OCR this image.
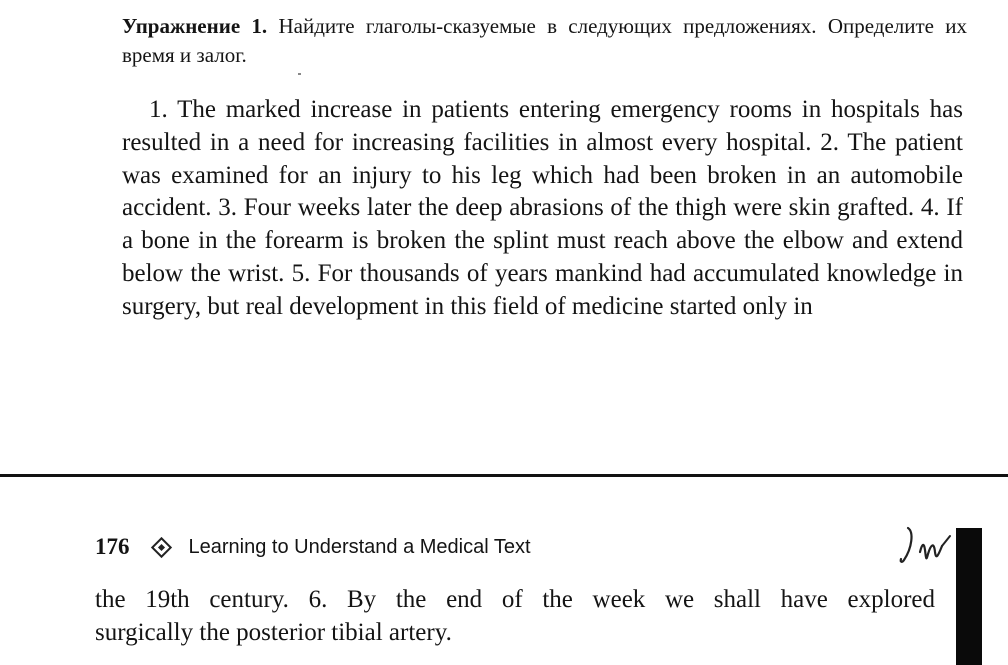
Упражнение 1. Найдите глаголы-сказуемые в следующих предложениях. Определите их время и залог.
1. The marked increase in patients entering emergency rooms in hospitals has resulted in a need for increasing facilities in almost every hospital. 2. The patient was examined for an injury to his leg which had been broken in an automobile accident. 3. Four weeks later the deep abrasions of the thigh were skin grafted. 4. If a bone in the forearm is broken the splint must reach above the elbow and extend below the wrist. 5. For thousands of years mankind had accumulated knowledge in surgery, but real development in this field of medicine started only in
176	Learning to Understand a Medical Text
the 19th century. 6. By the end of the week we shall have explored
surgically the posterior tibial artery.
